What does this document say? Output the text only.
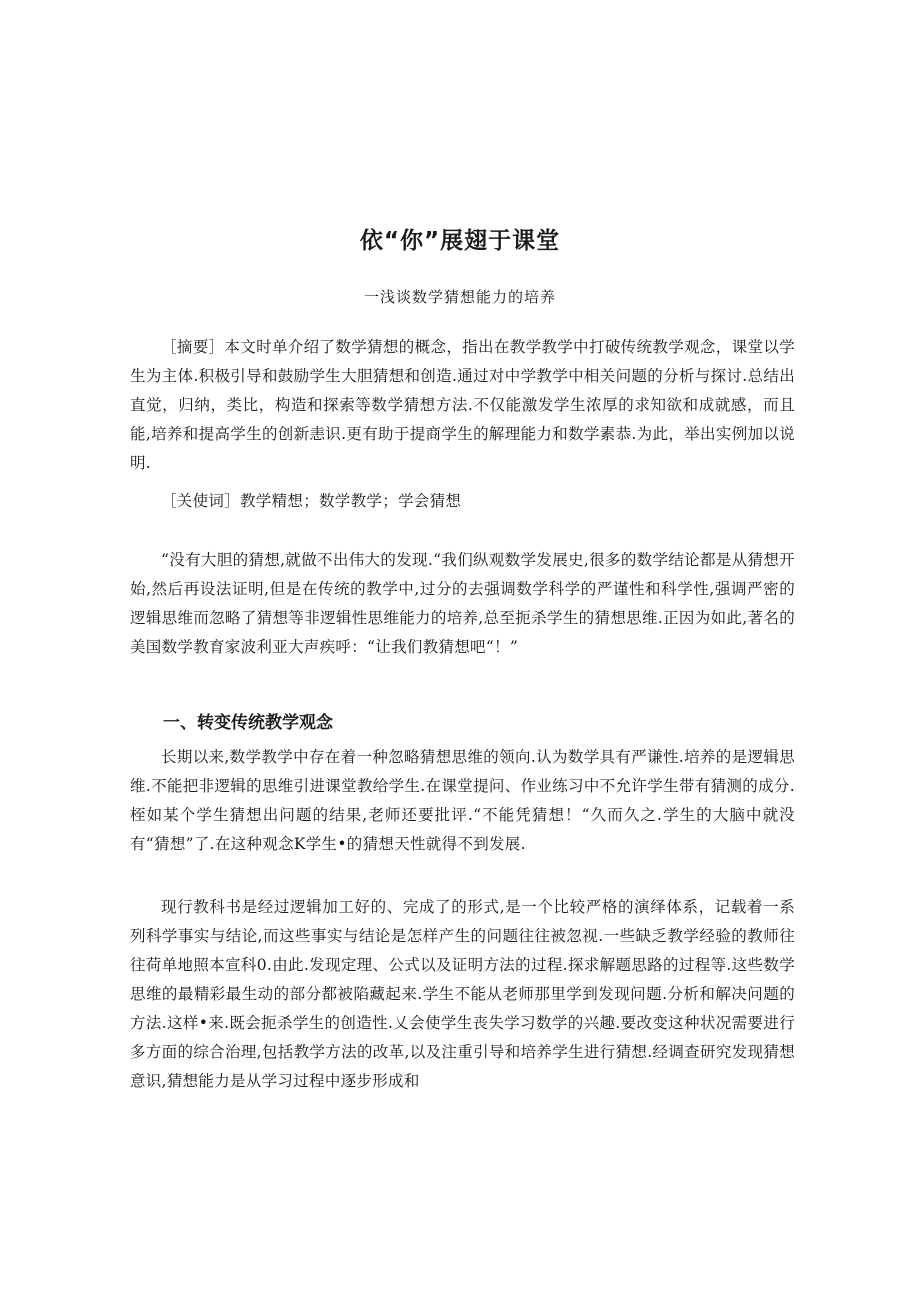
依“你”展翅于课堂
一浅谈数学猜想能力的培养

［摘要］本文时单介绍了数学猜想的概念，指出在教学教学中打破传统教学观念，课堂以学生为主体.积极引导和鼓励学生大胆猜想和创造.通过对中学教学中相关问题的分析与探讨.总结出直觉，归纳，类比，构造和探索等数学猜想方法.不仅能激发学生浓厚的求知欲和成就感，而且能,培养和提高学生的创新恚识.更有助于提商学生的解理能力和数学素恭.为此，举出实例加以说明.

［关使词］教学精想；数学教学；学会猜想

“没有大胆的猜想,就做不出伟大的发现.“我们纵观数学发展史,很多的数学结论都是从猜想开始,然后再设法证明,但是在传统的教学中,过分的去强调数学科学的严谨性和科学性,强调严密的逻辑思维而忽略了猜想等非逻辑性思维能力的培养,总至扼杀学生的猜想思维.正因为如此,著名的美国数学教育家波利亚大声疾呼：“让我们教猜想吧“！”

一、转变传统教学观念

长期以来,数学教学中存在着一种忽略猜想思维的领向.认为数学具有严谦性.培养的是逻辑思维.不能把非逻辑的思维引进课堂教给学生.在课堂提问、作业练习中不允许学生带有猜测的成分.桎如某个学生猜想出问题的结果,老师还要批评.“不能凭猜想！“久而久之.学生的大脑中就没有“猜想”了.在这种观念K学生•的猜想天性就得不到发展.

现行教科书是经过逻辑加工好的、完成了的形式,是一个比较严格的演绎体系，记载着一系列科学事实与结论,而这些事实与结论是怎样产生的问题往往被忽视.一些缺乏教学经验的教师往往荷单地照本宣科0.由此.发现定理、公式以及证明方法的过程.探求解题思路的过程等.这些数学思维的最精彩最生动的部分都被陷藏起来.学生不能从老师那里学到发现问题.分析和解决问题的方法.这样•来.既会扼杀学生的创造性.乂会使学生丧失学习数学的兴趣.要改变这种状况需要进行多方面的综合治理,包括教学方法的改革,以及注重引导和培养学生进行猜想.经调查研究发现猜想意识,猜想能力是从学习过程中逐步形成和
